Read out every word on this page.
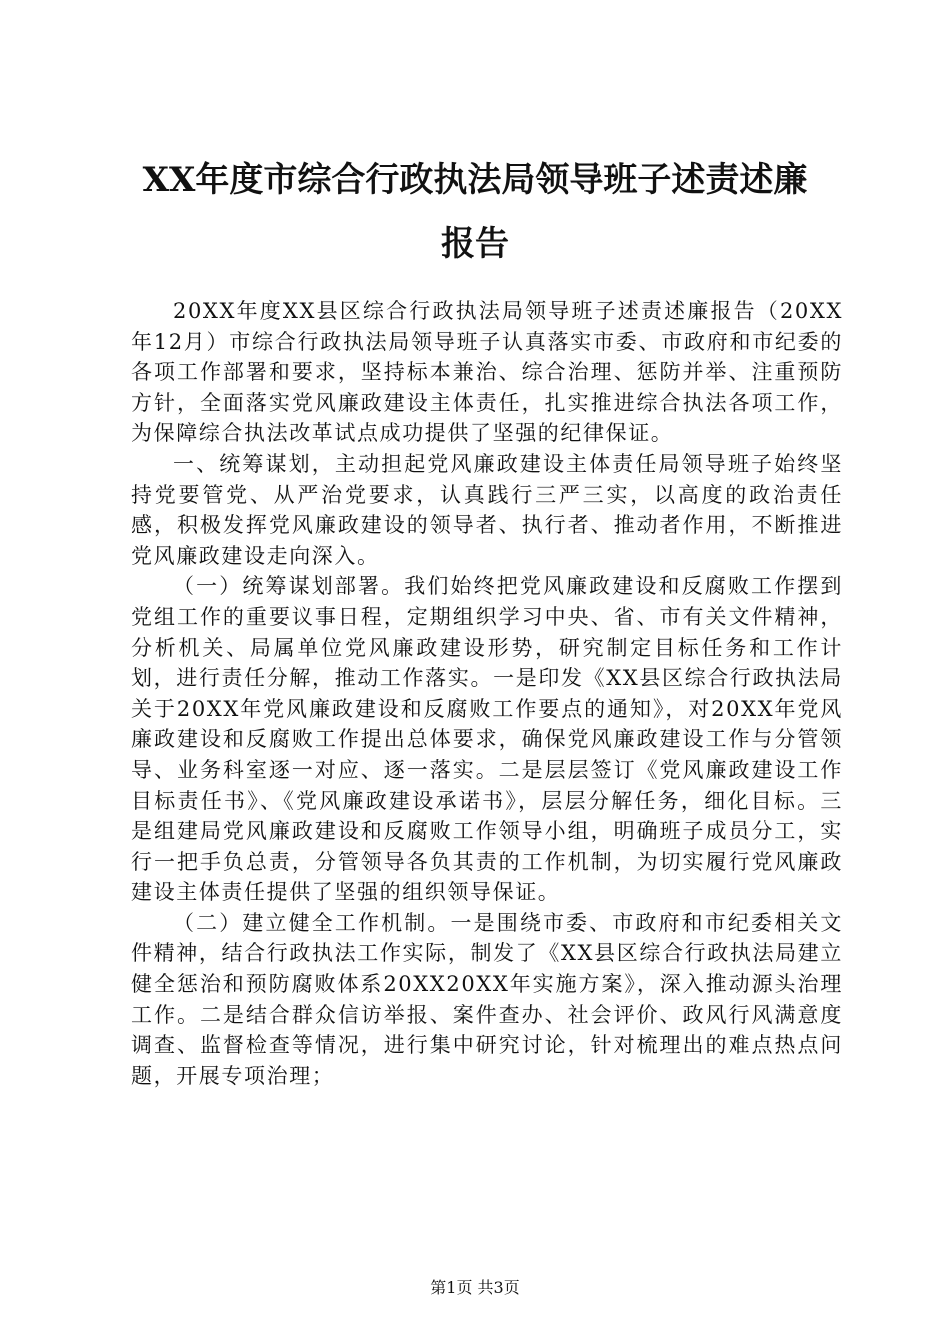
XX年度市综合行政执法局领导班子述责述廉
报告

20XX年度XX县区综合行政执法局领导班子述责述廉报告（20XX年12月）市综合行政执法局领导班子认真落实市委、市政府和市纪委的各项工作部署和要求，坚持标本兼治、综合治理、惩防并举、注重预防方针，全面落实党风廉政建设主体责任，扎实推进综合执法各项工作，为保障综合执法改革试点成功提供了坚强的纪律保证。

一、统筹谋划，主动担起党风廉政建设主体责任局领导班子始终坚持党要管党、从严治党要求，认真践行三严三实，以高度的政治责任感，积极发挥党风廉政建设的领导者、执行者、推动者作用，不断推进党风廉政建设走向深入。

（一）统筹谋划部署。我们始终把党风廉政建设和反腐败工作摆到党组工作的重要议事日程，定期组织学习中央、省、市有关文件精神，分析机关、局属单位党风廉政建设形势，研究制定目标任务和工作计划，进行责任分解，推动工作落实。一是印发《XX县区综合行政执法局关于20XX年党风廉政建设和反腐败工作要点的通知》，对20XX年党风廉政建设和反腐败工作提出总体要求，确保党风廉政建设工作与分管领导、业务科室逐一对应、逐一落实。二是层层签订《党风廉政建设工作目标责任书》、《党风廉政建设承诺书》，层层分解任务，细化目标。三是组建局党风廉政建设和反腐败工作领导小组，明确班子成员分工，实行一把手负总责，分管领导各负其责的工作机制，为切实履行党风廉政建设主体责任提供了坚强的组织领导保证。

（二）建立健全工作机制。一是围绕市委、市政府和市纪委相关文件精神，结合行政执法工作实际，制发了《XX县区综合行政执法局建立健全惩治和预防腐败体系20XX20XX年实施方案》，深入推动源头治理工作。二是结合群众信访举报、案件查办、社会评价、政风行风满意度调查、监督检查等情况，进行集中研究讨论，针对梳理出的难点热点问题，开展专项治理；

第1页 共3页
